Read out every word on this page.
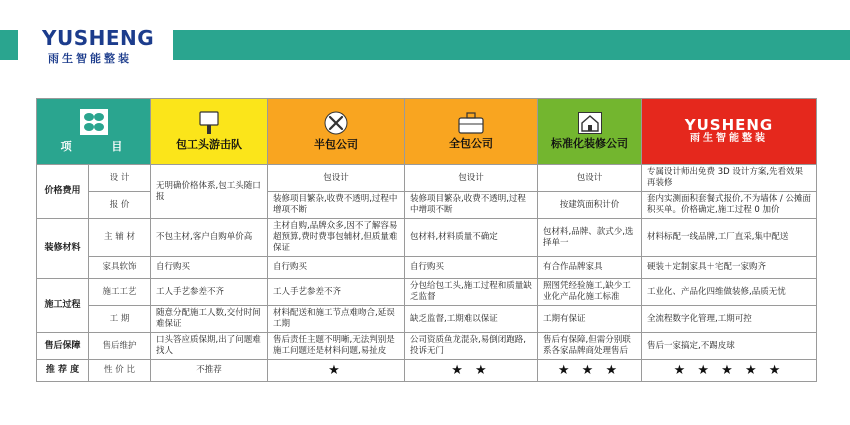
YUSHENG
雨生智能整装
项 目		包工头游击队	半包公司	全包公司	标准化装修公司	YUSHENG
雨生智能整装

价格费用	设 计	无明确价格体系,包工头随口报	包设计	包设计	包设计	专属设计师出免费 3D 设计方案,先看效果再装修
	报 价		装修项目繁杂,收费不透明,过程中增项不断	装修项目繁杂,收费不透明,过程中增项不断	按建筑面积计价	套内实测面积套餐式报价,不为墙体 / 公摊面积买单。价格确定,施工过程 0 加价
装修材料	主 辅 材	不包主材,客户自购单价高	主材自购,品牌众多,因不了解容易超预算,费时费事包辅材,但质量难保证	包材料,材料质量不确定	包材料,品牌、款式少,选择单一	材料标配一线品牌,工厂直采,集中配送
	家具软饰	自行购买	自行购买	自行购买	有合作品牌家具	硬装＋定制家具＋宅配一家购齐
施工过程	施工工艺	工人手艺参差不齐	工人手艺参差不齐	分包给包工头,施工过程和质量缺乏监督	照图凭经验施工,缺少工业化产品化施工标准	工业化、产品化四维做装修,品质无忧
	工 期	随意分配施工人数,交付时间难保证	材料配送和施工节点难吻合,延误工期	缺乏监督,工期难以保证	工期有保证	全流程数字化管理,工期可控
售后保障	售后维护	口头答应质保期,出了问题难找人	售后责任主题不明晰,无法判别是施工问题还是材料问题,易扯皮	公司资质鱼龙混杂,易倒闭跑路,投诉无门	售后有保障,但需分别联系各家品牌商处理售后	售后一家搞定,不踢皮球
推 荐 度	性 价 比	不推荐	★	★ ★	★ ★ ★	★ ★ ★ ★ ★
